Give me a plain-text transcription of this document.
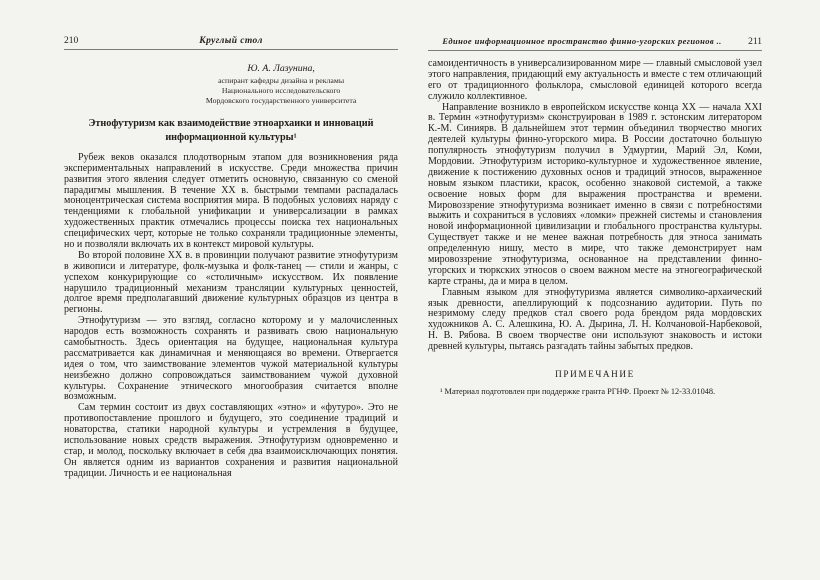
210	Круглый стол
Ю. А. Лазунина,
аспирант кафедры дизайна и рекламы
Национального исследовательского
Мордовского государственного университета
Этнофутуризм как взаимодействие этноархаики и инноваций информационной культуры¹

Рубеж веков оказался плодотворным этапом для возникновения ряда экспериментальных направлений в искусстве. Среди множества причин развития этого явления следует отметить основную, связанную со сменой парадигмы мышления. В течение XX в. быстрыми темпами распадалась моноцентрическая система восприятия мира. В подобных условиях наряду с тенденциями к глобальной унификации и универсализации в рамках художественных практик отмечались процессы поиска тех национальных специфических черт, которые не только сохраняли традиционные элементы, но и позволяли включать их в контекст мировой культуры.

Во второй половине XX в. в провинции получают развитие этнофутуризм в живописи и литературе, фолк-музыка и фолк-танец — стили и жанры, с успехом конкурирующие со «столичным» искусством. Их появление нарушило традиционный механизм трансляции культурных ценностей, долгое время предполагавший движение культурных образцов из центра в регионы.

Этнофутуризм — это взгляд, согласно которому и у малочисленных народов есть возможность сохранять и развивать свою национальную самобытность. Здесь ориентация на будущее, национальная культура рассматривается как динамичная и меняющаяся во времени. Отвергается идея о том, что заимствование элементов чужой материальной культуры неизбежно должно сопровождаться заимствованием чужой духовной культуры. Сохранение этнического многообразия считается вполне возможным.

Сам термин состоит из двух составляющих «этно» и «футуро». Это не противопоставление прошлого и будущего, это соединение традиций и новаторства, статики народной культуры и устремления в будущее, использование новых средств выражения. Этнофутуризм одновременно и стар, и молод, поскольку включает в себя два взаимоисключающих понятия. Он является одним из вариантов сохранения и развития национальной традиции. Личность и ее национальная

Единое информационное пространство финно-угорских регионов ..	211

самоидентичность в универсализированном мире — главный смысловой узел этого направления, придающий ему актуальность и вместе с тем отличающий его от традиционного фольклора, смысловой единицей которого всегда служило коллективное.

Направление возникло в европейском искусстве конца XX — начала XXI в. Термин «этнофутуризм» сконструирован в 1989 г. эстонским литератором К.-М. Синиярв. В дальнейшем этот термин объединил творчество многих деятелей культуры финно-угорского мира. В России достаточно большую популярность этнофутуризм получил в Удмуртии, Марий Эл, Коми, Мордовии. Этнофутуризм историко-культурное и художественное явление, движение к постижению духовных основ и традиций этносов, выраженное новым языком пластики, красок, особенно знаковой системой, а также освоение новых форм для выражения пространства и времени. Мировоззрение этнофутуризма возникает именно в связи с потребностями выжить и сохраниться в условиях «ломки» прежней системы и становления новой информационной цивилизации и глобального пространства культуры. Существует также и не менее важная потребность для этноса занимать определенную нишу, место в мире, что также демонстрирует нам мировоззрение этнофутуризма, основанное на представлении финно-угорских и тюркских этносов о своем важном месте на этногеографической карте страны, да и мира в целом.

Главным языком для этнофутуризма является символико-архаический язык древности, апеллирующий к подсознанию аудитории. Путь по незримому следу предков стал своего рода брендом ряда мордовских художников А. С. Алешкина, Ю. А. Дырина, Л. Н. Колчановой-Нарбековой, Н. В. Рябова. В своем творчестве они используют знаковость и истоки древней культуры, пытаясь разгадать тайны забытых предков.

ПРИМЕЧАНИЕ

¹ Материал подготовлен при поддержке гранта РГНФ. Проект № 12-33.01048.
